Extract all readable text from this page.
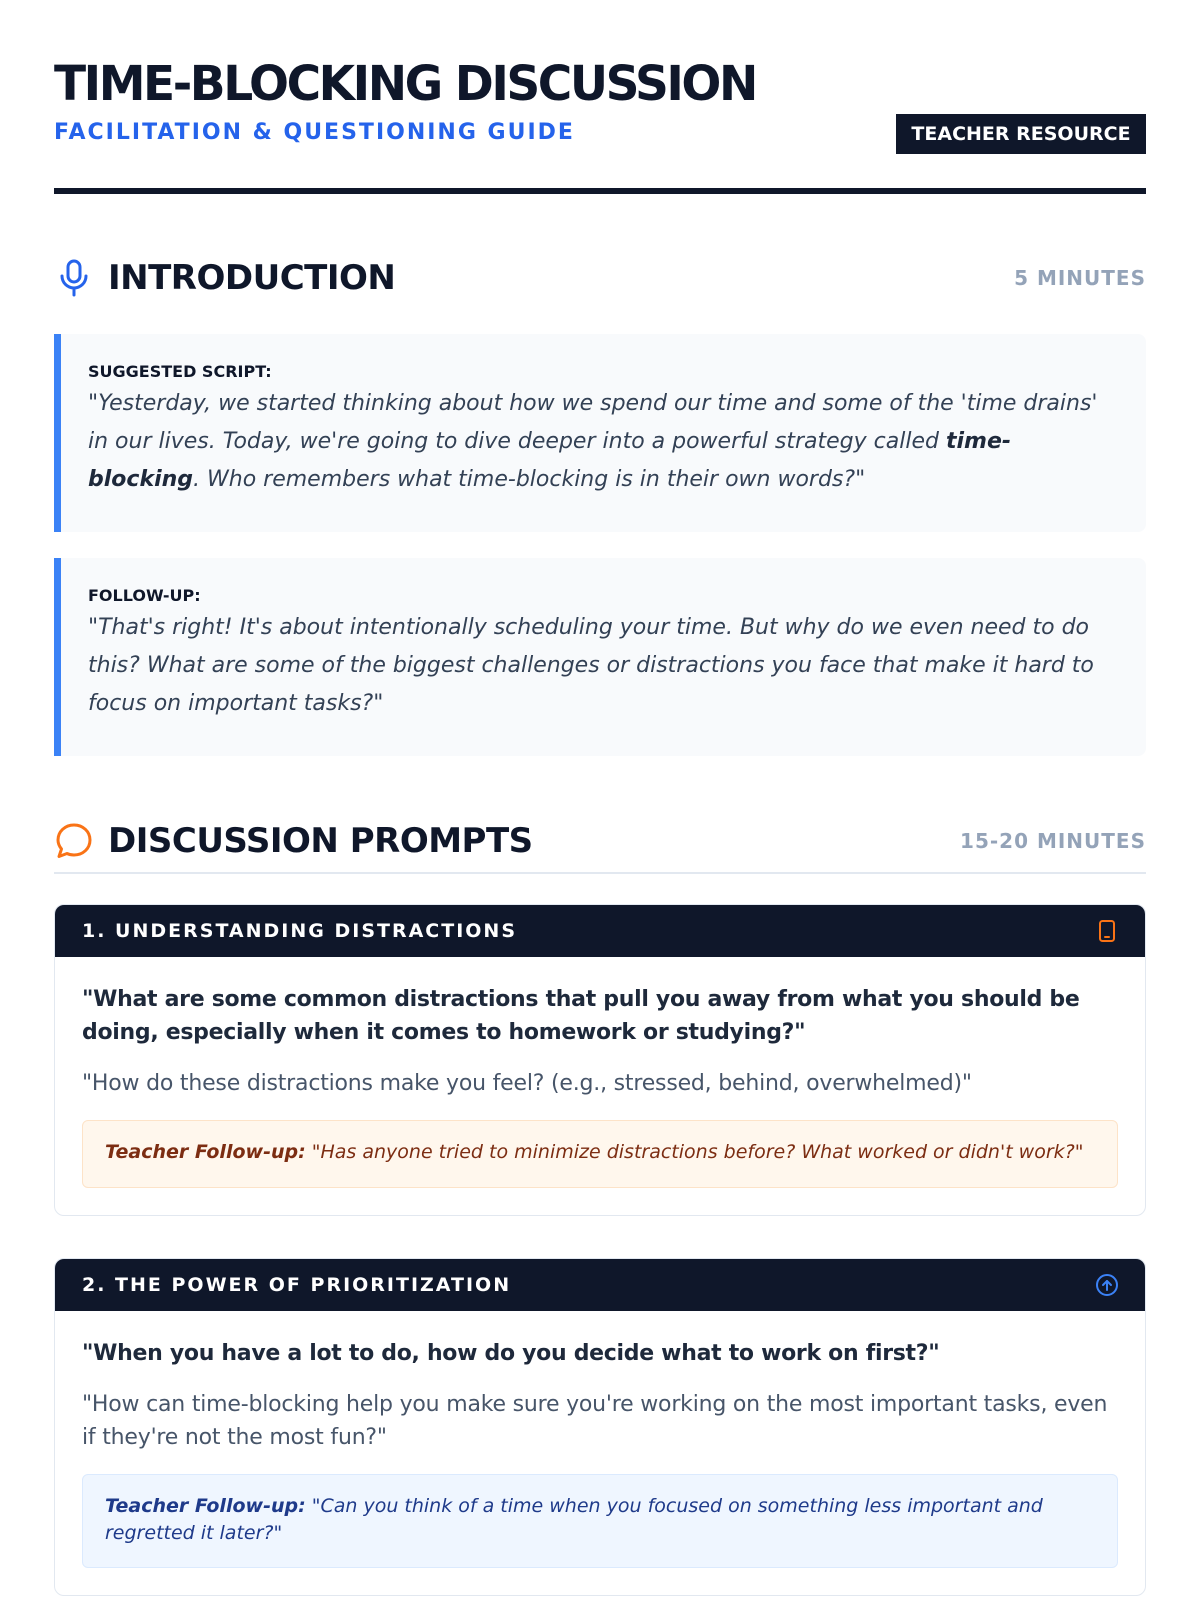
TIME-BLOCKING DISCUSSION
FACILITATION & QUESTIONING GUIDE	TEACHER RESOURCE
INTRODUCTION	5 MINUTES
SUGGESTED SCRIPT:
"Yesterday, we started thinking about how we spend our time and some of the 'time drains' in our lives. Today, we're going to dive deeper into a powerful strategy called time-blocking. Who remembers what time-blocking is in their own words?"
FOLLOW-UP:
"That's right! It's about intentionally scheduling your time. But why do we even need to do this? What are some of the biggest challenges or distractions you face that make it hard to focus on important tasks?"
DISCUSSION PROMPTS	15-20 MINUTES
1. UNDERSTANDING DISTRACTIONS
"What are some common distractions that pull you away from what you should be doing, especially when it comes to homework or studying?"
"How do these distractions make you feel? (e.g., stressed, behind, overwhelmed)"
Teacher Follow-up: "Has anyone tried to minimize distractions before? What worked or didn't work?"
2. THE POWER OF PRIORITIZATION
"When you have a lot to do, how do you decide what to work on first?"
"How can time-blocking help you make sure you're working on the most important tasks, even if they're not the most fun?"
Teacher Follow-up: "Can you think of a time when you focused on something less important and regretted it later?"
